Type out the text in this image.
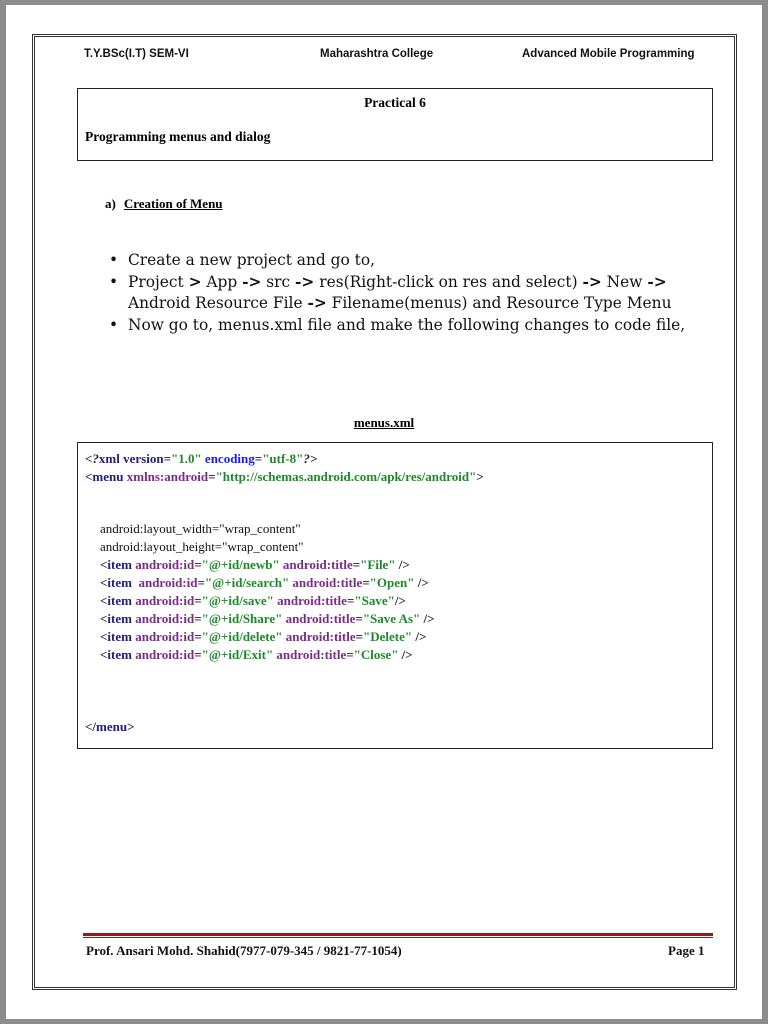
T.Y.BSc(I.T) SEM-VI	Maharashtra College	Advanced Mobile Programming
Practical 6
Programming menus and dialog
a) Creation of Menu
• Create a new project and go to,
• Project > App -> src -> res(Right-click on res and select) -> New -> Android Resource File -> Filename(menus) and Resource Type Menu
• Now go to, menus.xml file and make the following changes to code file,
menus.xml
<?xml version="1.0" encoding="utf-8"?>
<menu xmlns:android="http://schemas.android.com/apk/res/android">
android:layout_width="wrap_content"
android:layout_height="wrap_content"
<item android:id="@+id/newb" android:title="File" />
<item  android:id="@+id/search" android:title="Open" />
<item android:id="@+id/save" android:title="Save"/>
<item android:id="@+id/Share" android:title="Save As" />
<item android:id="@+id/delete" android:title="Delete" />
<item android:id="@+id/Exit" android:title="Close" />
</menu>
Prof. Ansari Mohd. Shahid(7977-079-345 / 9821-77-1054)	Page 1
